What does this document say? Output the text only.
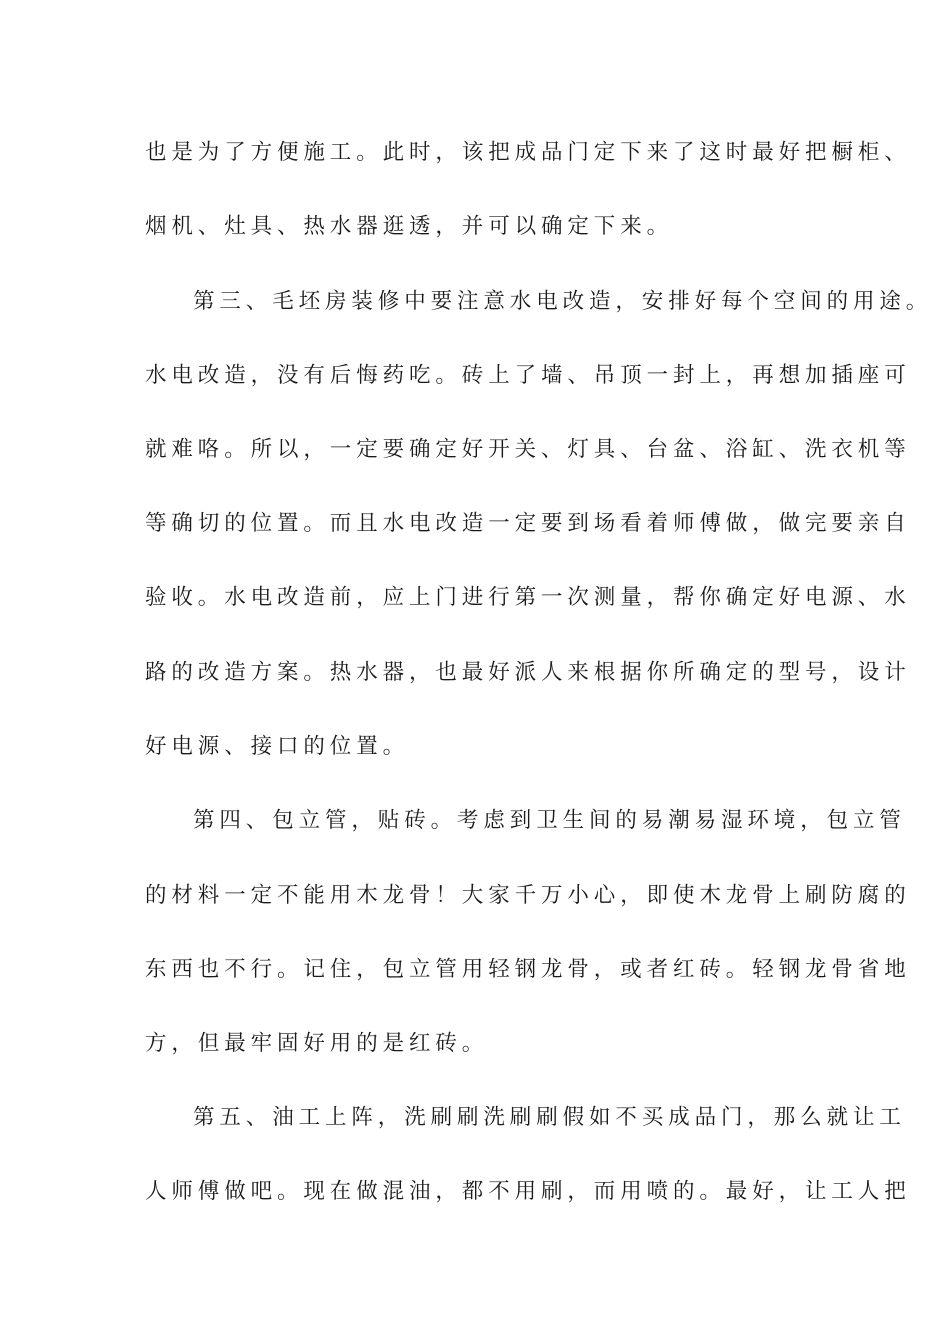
也是为了方便施工。此时，该把成品门定下来了这时最好把橱柜、
烟机、灶具、热水器逛透，并可以确定下来。
第三、毛坯房装修中要注意水电改造，安排好每个空间的用途。
水电改造，没有后悔药吃。砖上了墙、吊顶一封上，再想加插座可
就难咯。所以，一定要确定好开关、灯具、台盆、浴缸、洗衣机等
等确切的位置。而且水电改造一定要到场看着师傅做，做完要亲自
验收。水电改造前，应上门进行第一次测量，帮你确定好电源、水
路的改造方案。热水器，也最好派人来根据你所确定的型号，设计
好电源、接口的位置。
第四、包立管，贴砖。考虑到卫生间的易潮易湿环境，包立管
的材料一定不能用木龙骨！大家千万小心，即使木龙骨上刷防腐的
东西也不行。记住，包立管用轻钢龙骨，或者红砖。轻钢龙骨省地
方，但最牢固好用的是红砖。
第五、油工上阵，洗刷刷洗刷刷假如不买成品门，那么就让工
人师傅做吧。现在做混油，都不用刷，而用喷的。最好，让工人把
